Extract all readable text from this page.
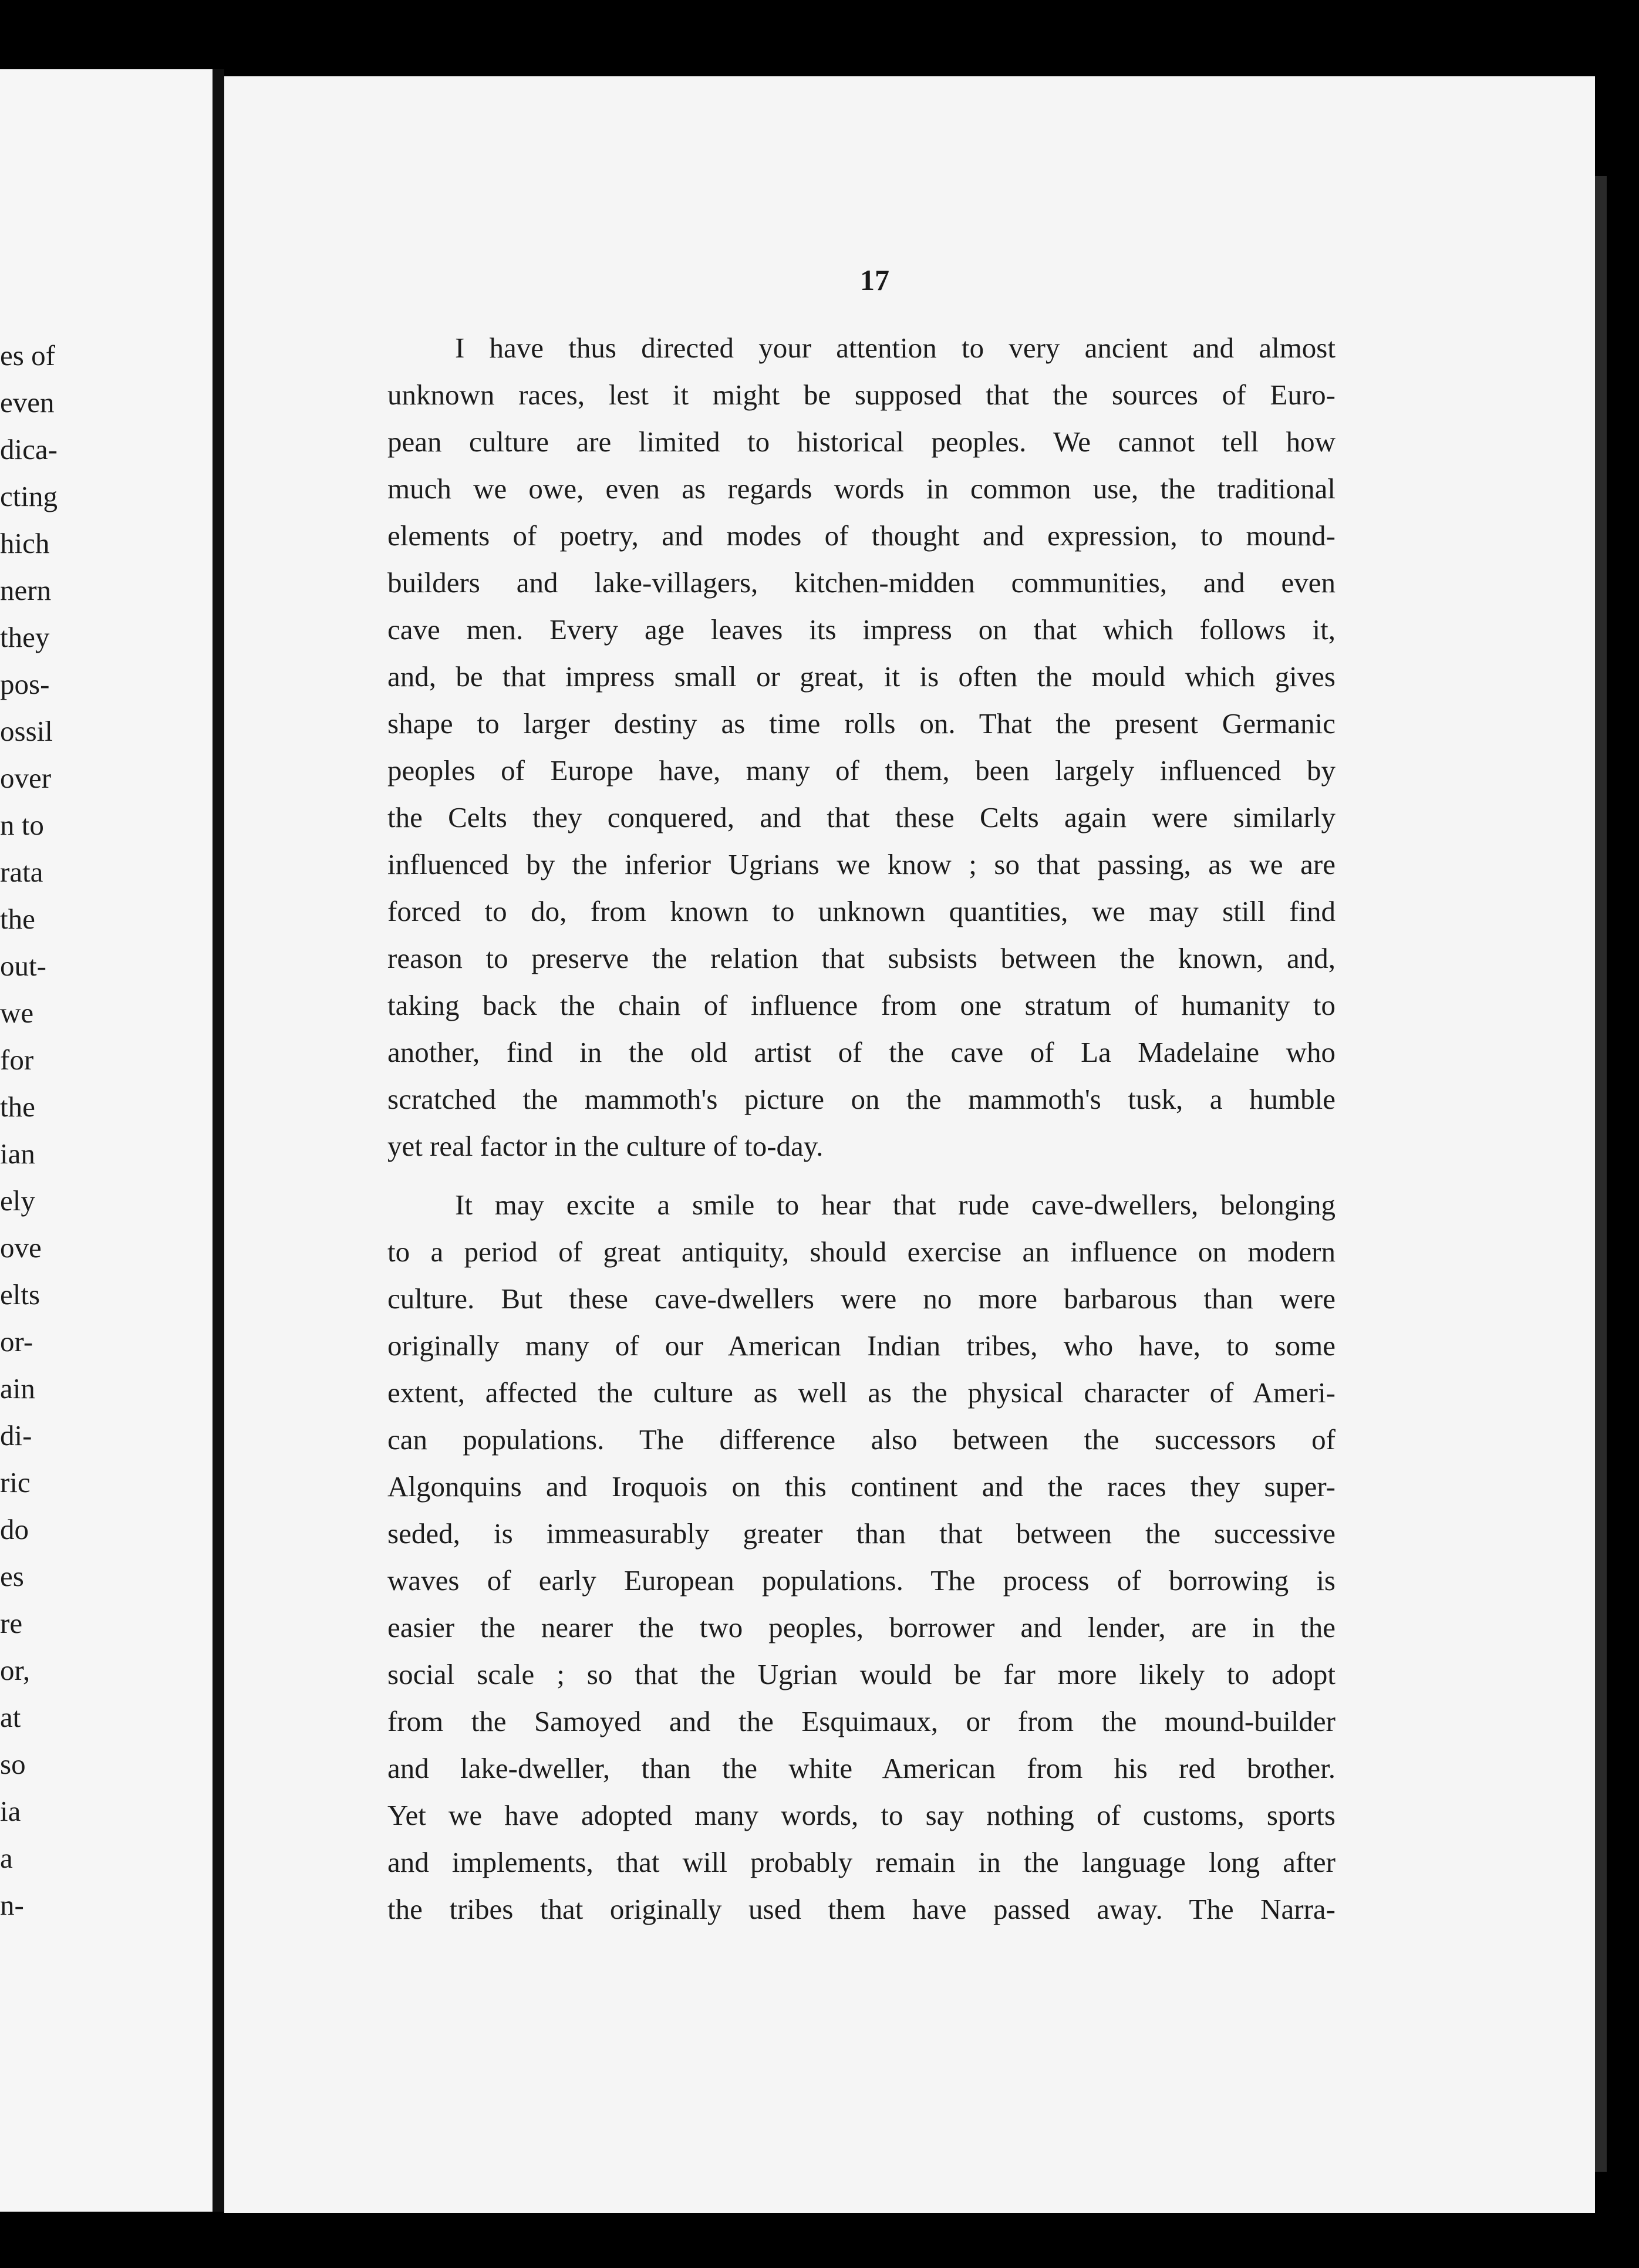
es of
even
dica-
cting
hich
nern
they
pos-
ossil
over
n to
rata
the
out-
we
for
the
ian
ely
ove
elts
or-
ain
di-
ric
do
es
re
or,
at
so
ia
a
n-
17
I have thus directed your attention to very ancient and almost
unknown races, lest it might be supposed that the sources of Euro-
pean culture are limited to historical peoples. We cannot tell how
much we owe, even as regards words in common use, the traditional
elements of poetry, and modes of thought and expression, to mound-
builders and lake-villagers, kitchen-midden communities, and even
cave men. Every age leaves its impress on that which follows it,
and, be that impress small or great, it is often the mould which gives
shape to larger destiny as time rolls on. That the present Germanic
peoples of Europe have, many of them, been largely influenced by
the Celts they conquered, and that these Celts again were similarly
influenced by the inferior Ugrians we know ; so that passing, as we are
forced to do, from known to unknown quantities, we may still find
reason to preserve the relation that subsists between the known, and,
taking back the chain of influence from one stratum of humanity to
another, find in the old artist of the cave of La Madelaine who
scratched the mammoth's picture on the mammoth's tusk, a humble
yet real factor in the culture of to-day.
It may excite a smile to hear that rude cave-dwellers, belonging
to a period of great antiquity, should exercise an influence on modern
culture. But these cave-dwellers were no more barbarous than were
originally many of our American Indian tribes, who have, to some
extent, affected the culture as well as the physical character of Ameri-
can populations. The difference also between the successors of
Algonquins and Iroquois on this continent and the races they super-
seded, is immeasurably greater than that between the successive
waves of early European populations. The process of borrowing is
easier the nearer the two peoples, borrower and lender, are in the
social scale ; so that the Ugrian would be far more likely to adopt
from the Samoyed and the Esquimaux, or from the mound-builder
and lake-dweller, than the white American from his red brother.
Yet we have adopted many words, to say nothing of customs, sports
and implements, that will probably remain in the language long after
the tribes that originally used them have passed away. The Narra-
